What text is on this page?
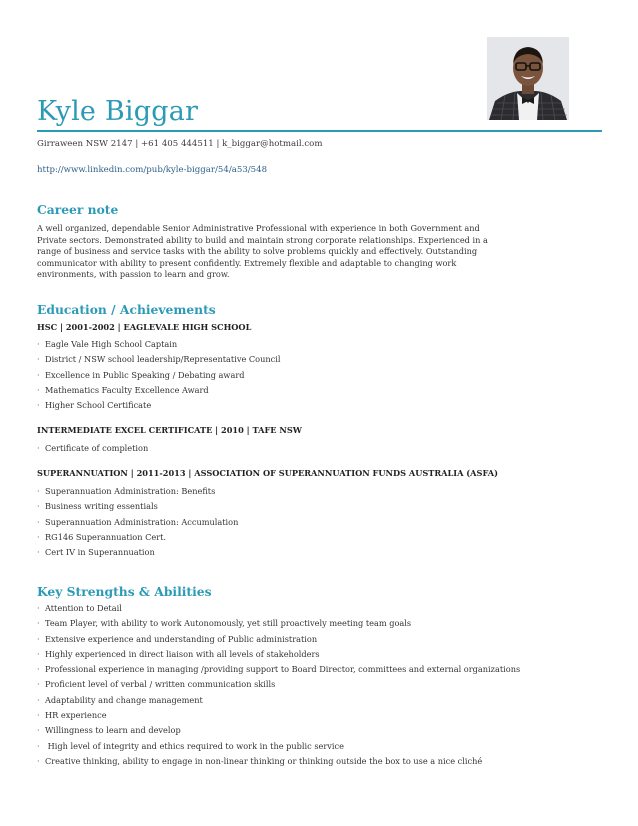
Kyle Biggar
Girraween NSW 2147 | +61 405 444511 | k_biggar@hotmail.com
http://www.linkedin.com/pub/kyle-biggar/54/a53/548
Career note
A well organized, dependable Senior Administrative Professional with experience in both Government and Private sectors. Demonstrated ability to build and maintain strong corporate relationships. Experienced in a range of business and service tasks with the ability to solve problems quickly and effectively. Outstanding communicator with ability to present confidently. Extremely flexible and adaptable to changing work environments, with passion to learn and grow.
Education / Achievements
HSC | 2001-2002 | EAGLEVALE HIGH SCHOOL
· Eagle Vale High School Captain
· District / NSW school leadership/Representative Council
· Excellence in Public Speaking / Debating award
· Mathematics Faculty Excellence Award
· Higher School Certificate
INTERMEDIATE EXCEL CERTIFICATE | 2010 | TAFE NSW
· Certificate of completion
SUPERANNUATION | 2011-2013 | ASSOCIATION OF SUPERANNUATION FUNDS AUSTRALIA (ASFA)
· Superannuation Administration: Benefits
· Business writing essentials
· Superannuation Administration: Accumulation
· RG146 Superannuation Cert.
· Cert IV in Superannuation
Key Strengths & Abilities
· Attention to Detail
· Team Player, with ability to work Autonomously, yet still proactively meeting team goals
· Extensive experience and understanding of Public administration
· Highly experienced in direct liaison with all levels of stakeholders
· Professional experience in managing /providing support to Board Director, committees and external organizations
· Proficient level of verbal / written communication skills
· Adaptability and change management
· HR experience
· Willingness to learn and develop
· High level of integrity and ethics required to work in the public service
· Creative thinking, ability to engage in non-linear thinking or thinking outside the box to use a nice cliché
